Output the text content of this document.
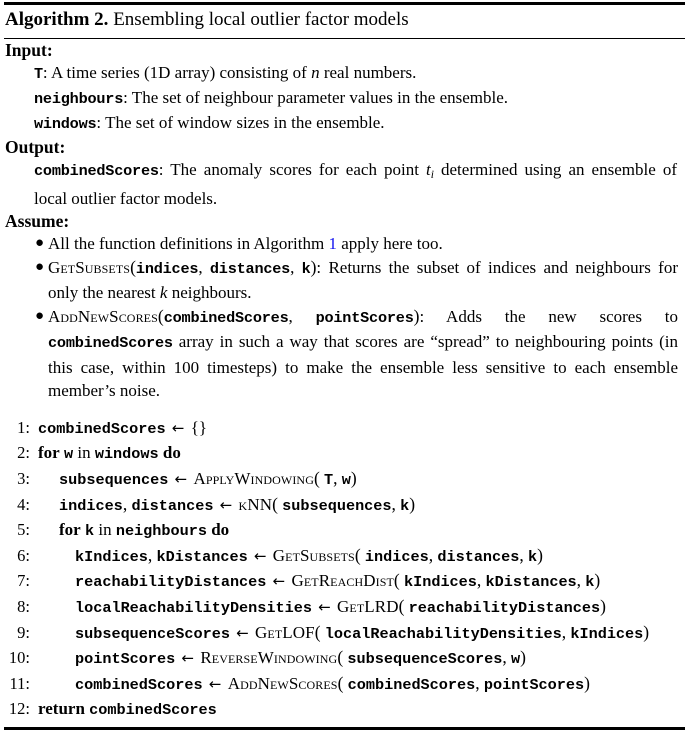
Algorithm 2. Ensembling local outlier factor models
Input:
T: A time series (1D array) consisting of n real numbers.
neighbours: The set of neighbour parameter values in the ensemble.
windows: The set of window sizes in the ensemble.
Output:
combinedScores: The anomaly scores for each point $t_i$ determined using an ensemble of local outlier factor models.
Assume:
● All the function definitions in Algorithm 1 apply here too.
● GetSubsets(indices, distances, k): Returns the subset of indices and neighbours for only the nearest k neighbours.
● AddNewScores(combinedScores, pointScores): Adds the new scores to combinedScores array in such a way that scores are “spread” to neighbouring points (in this case, within 100 timesteps) to make the ensemble less sensitive to each ensemble member’s noise.
1: combinedScores ← {}
2: for w in windows do
3:	subsequences ← ApplyWindowing( T, w)
4:	indices, distances ← kNN( subsequences, k)
5:	for k in neighbours do
6:	kIndices, kDistances ← GetSubsets( indices, distances, k)
7:	reachabilityDistances ← GetReachDist( kIndices, kDistances, k)
8:	localReachabilityDensities ← GetLRD( reachabilityDistances)
9:	subsequenceScores ← GetLOF( localReachabilityDensities, kIndices)
10:	pointScores ← ReverseWindowing( subsequenceScores, w)
11:	combinedScores ← AddNewScores( combinedScores, pointScores)
12: return combinedScores
